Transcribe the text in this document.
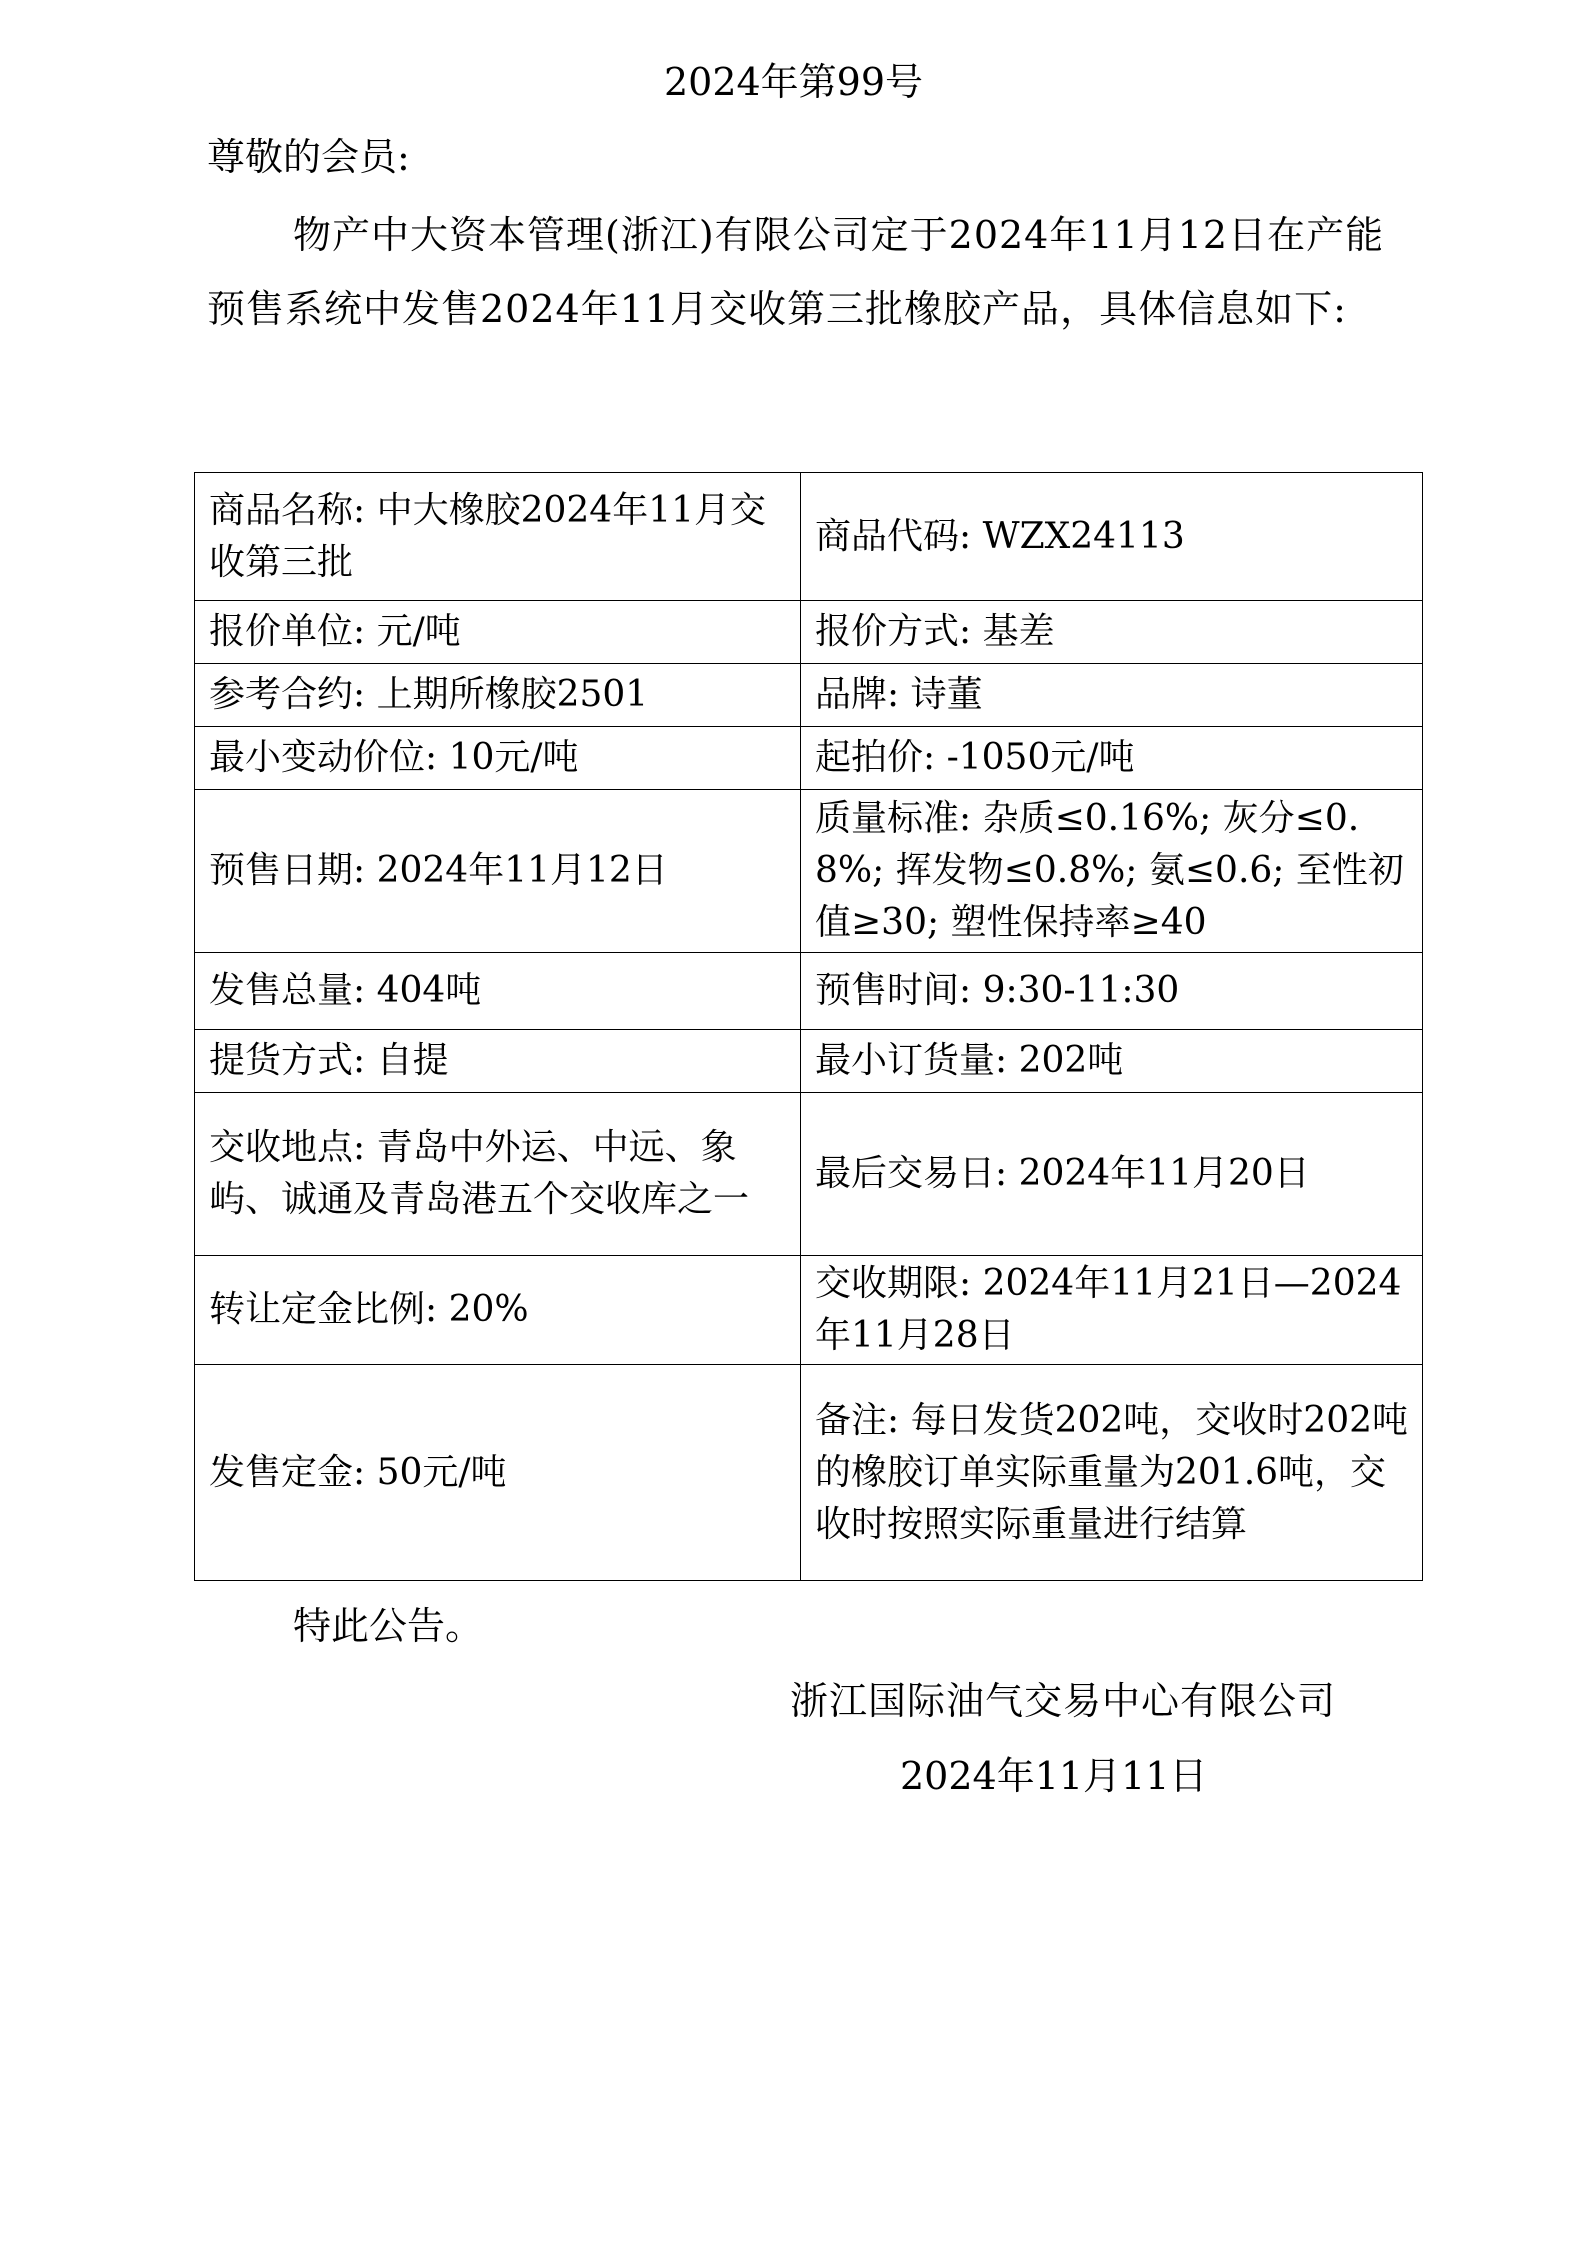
2024年第99号
尊敬的会员:
物产中大资本管理(浙江)有限公司定于2024年11月12日在产能预售系统中发售2024年11月交收第三批橡胶产品，具体信息如下:
商品名称: 中大橡胶2024年11月交收第三批	商品代码: WZX24113
报价单位: 元/吨	报价方式: 基差
参考合约: 上期所橡胶2501	品牌: 诗董
最小变动价位: 10元/吨	起拍价: -1050元/吨
预售日期: 2024年11月12日	质量标准: 杂质≤0.16%; 灰分≤0.8%; 挥发物≤0.8%; 氨≤0.6; 至性初值≥30; 塑性保持率≥40
发售总量: 404吨	预售时间: 9:30-11:30
提货方式: 自提	最小订货量: 202吨
交收地点: 青岛中外运、中远、象屿、诚通及青岛港五个交收库之一	最后交易日: 2024年11月20日
转让定金比例: 20%	交收期限: 2024年11月21日—2024年11月28日
发售定金: 50元/吨	备注: 每日发货202吨，交收时202吨的橡胶订单实际重量为201.6吨，交收时按照实际重量进行结算
特此公告。
浙江国际油气交易中心有限公司
2024年11月11日
